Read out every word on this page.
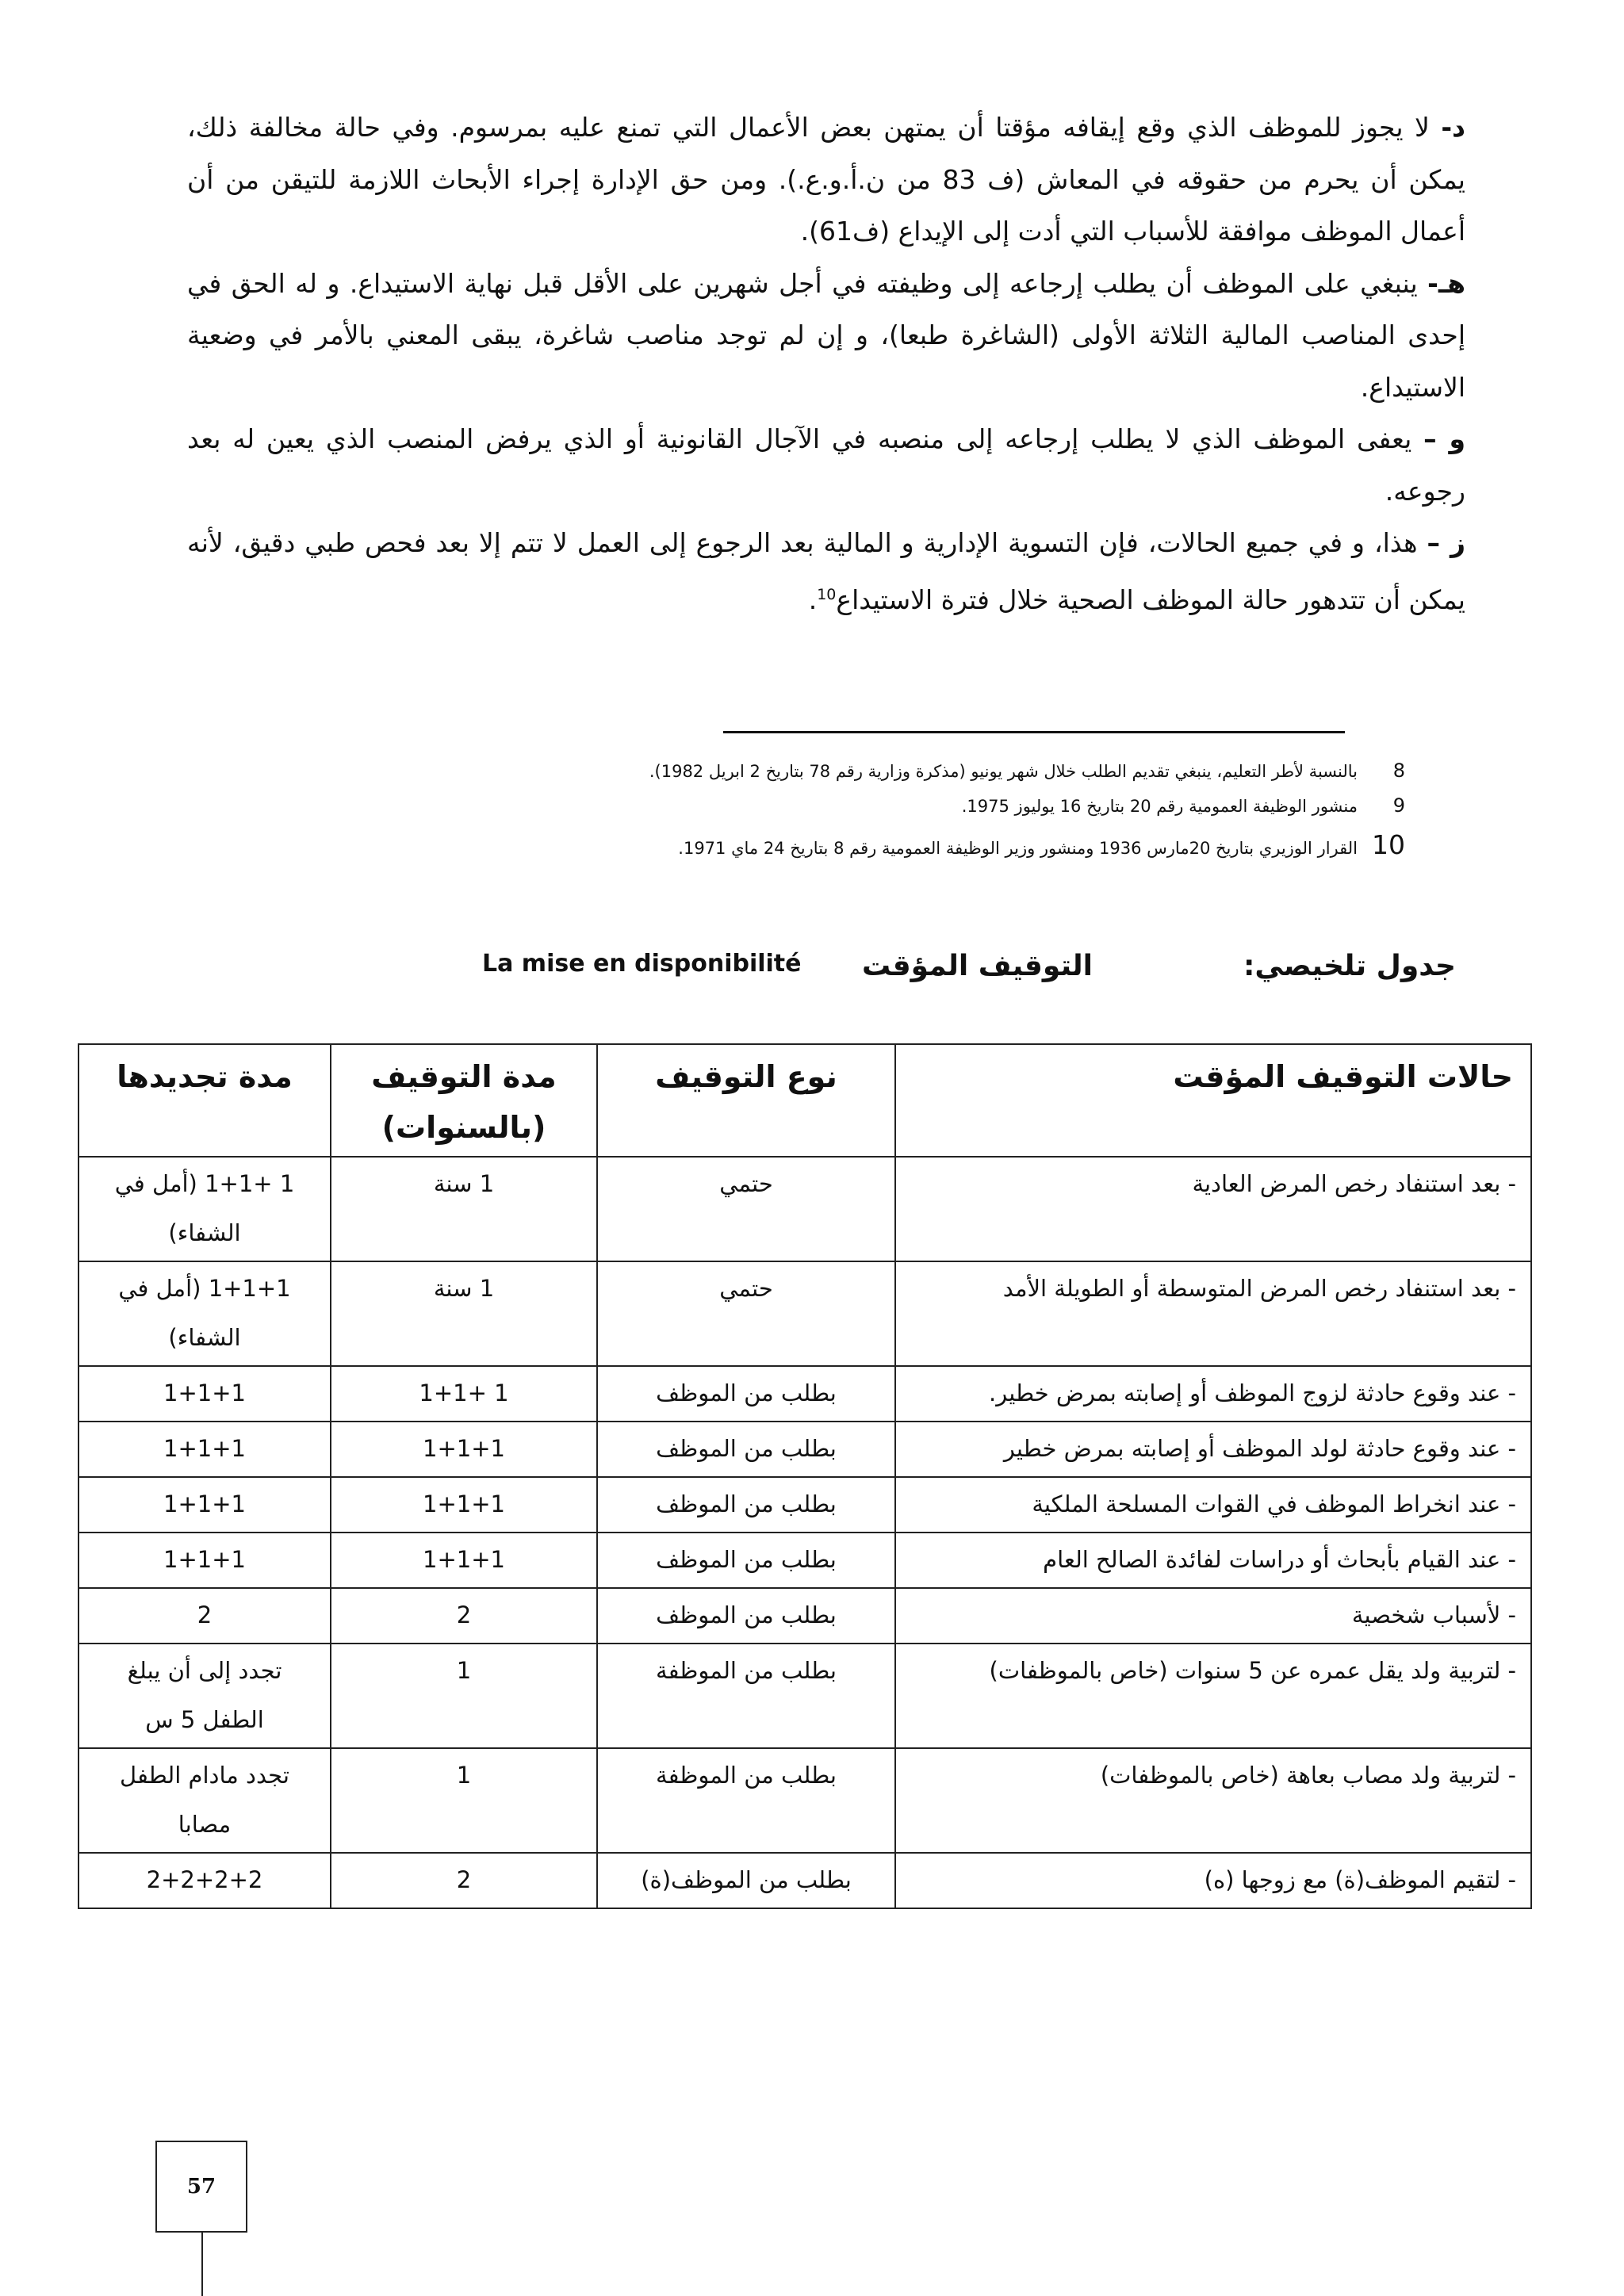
د- لا يجوز للموظف الذي وقع إيقافه مؤقتا أن يمتهن بعض الأعمال التي تمنع عليه بمرسوم. وفي حالة مخالفة ذلك، يمكن أن يحرم من حقوقه في المعاش (ف 83 من ن.أ.و.ع.). ومن حق الإدارة إجراء الأبحاث اللازمة للتيقن من أن أعمال الموظف موافقة للأسباب التي أدت إلى الإيداع (ف61).

هـ- ينبغي على الموظف أن يطلب إرجاعه إلى وظيفته في أجل شهرين على الأقل قبل نهاية الاستيداع. و له الحق في إحدى المناصب المالية الثلاثة الأولى (الشاغرة طبعا)، و إن لم توجد مناصب شاغرة، يبقى المعني بالأمر في وضعية الاستيداع.

و – يعفى الموظف الذي لا يطلب إرجاعه إلى منصبه في الآجال القانونية أو الذي يرفض المنصب الذي يعين له بعد رجوعه.

ز – هذا، و في جميع الحالات، فإن التسوية الإدارية و المالية بعد الرجوع إلى العمل لا تتم إلا بعد فحص طبي دقيق، لأنه يمكن أن تتدهور حالة الموظف الصحية خلال فترة الاستيداع$^{10}$.

8
بالنسبة لأطر التعليم، ينبغي تقديم الطلب خلال شهر يونيو (مذكرة وزارية رقم 78 بتاريخ 2 ابريل 1982).
9
منشور الوظيفة العمومية رقم 20 بتاريخ 16 يوليوز 1975.
10
القرار الوزيري بتاريخ 20مارس 1936 ومنشور وزير الوظيفة العمومية رقم 8 بتاريخ 24 ماي 1971.
جدول تلخيصي:
التوقيف المؤقت
La mise en disponibilité
حالات التوقيف المؤقت	نوع التوقيف	مدة التوقيف (بالسنوات)	مدة تجديدها
- بعد استنفاد رخص المرض العادية	حتمي	1 سنة	1 +1+1 (أمل في الشفاء)
- بعد استنفاد رخص المرض المتوسطة أو الطويلة الأمد	حتمي	1 سنة	1+1+1 (أمل في الشفاء)
- عند وقوع حادثة لزوج الموظف أو إصابته بمرض خطير.	بطلب من الموظف	1 +1+1	1+1+1
- عند وقوع حادثة لولد الموظف أو إصابته بمرض خطير	بطلب من الموظف	1+1+1	1+1+1
- عند انخراط الموظف في القوات المسلحة الملكية	بطلب من الموظف	1+1+1	1+1+1
- عند القيام بأبحاث أو دراسات لفائدة الصالح العام	بطلب من الموظف	1+1+1	1+1+1
- لأسباب شخصية	بطلب من الموظف	2	2
- لتربية ولد يقل عمره عن 5 سنوات (خاص بالموظفات)	بطلب من الموظفة	1	تجدد إلى أن يبلغ الطفل 5 س
- لتربية ولد مصاب بعاهة (خاص بالموظفات)	بطلب من الموظفة	1	تجدد مادام الطفل مصابا
- لتقيم الموظف(ة) مع زوجها (ه)	بطلب من الموظف(ة)	2	2+2+2+2
57
